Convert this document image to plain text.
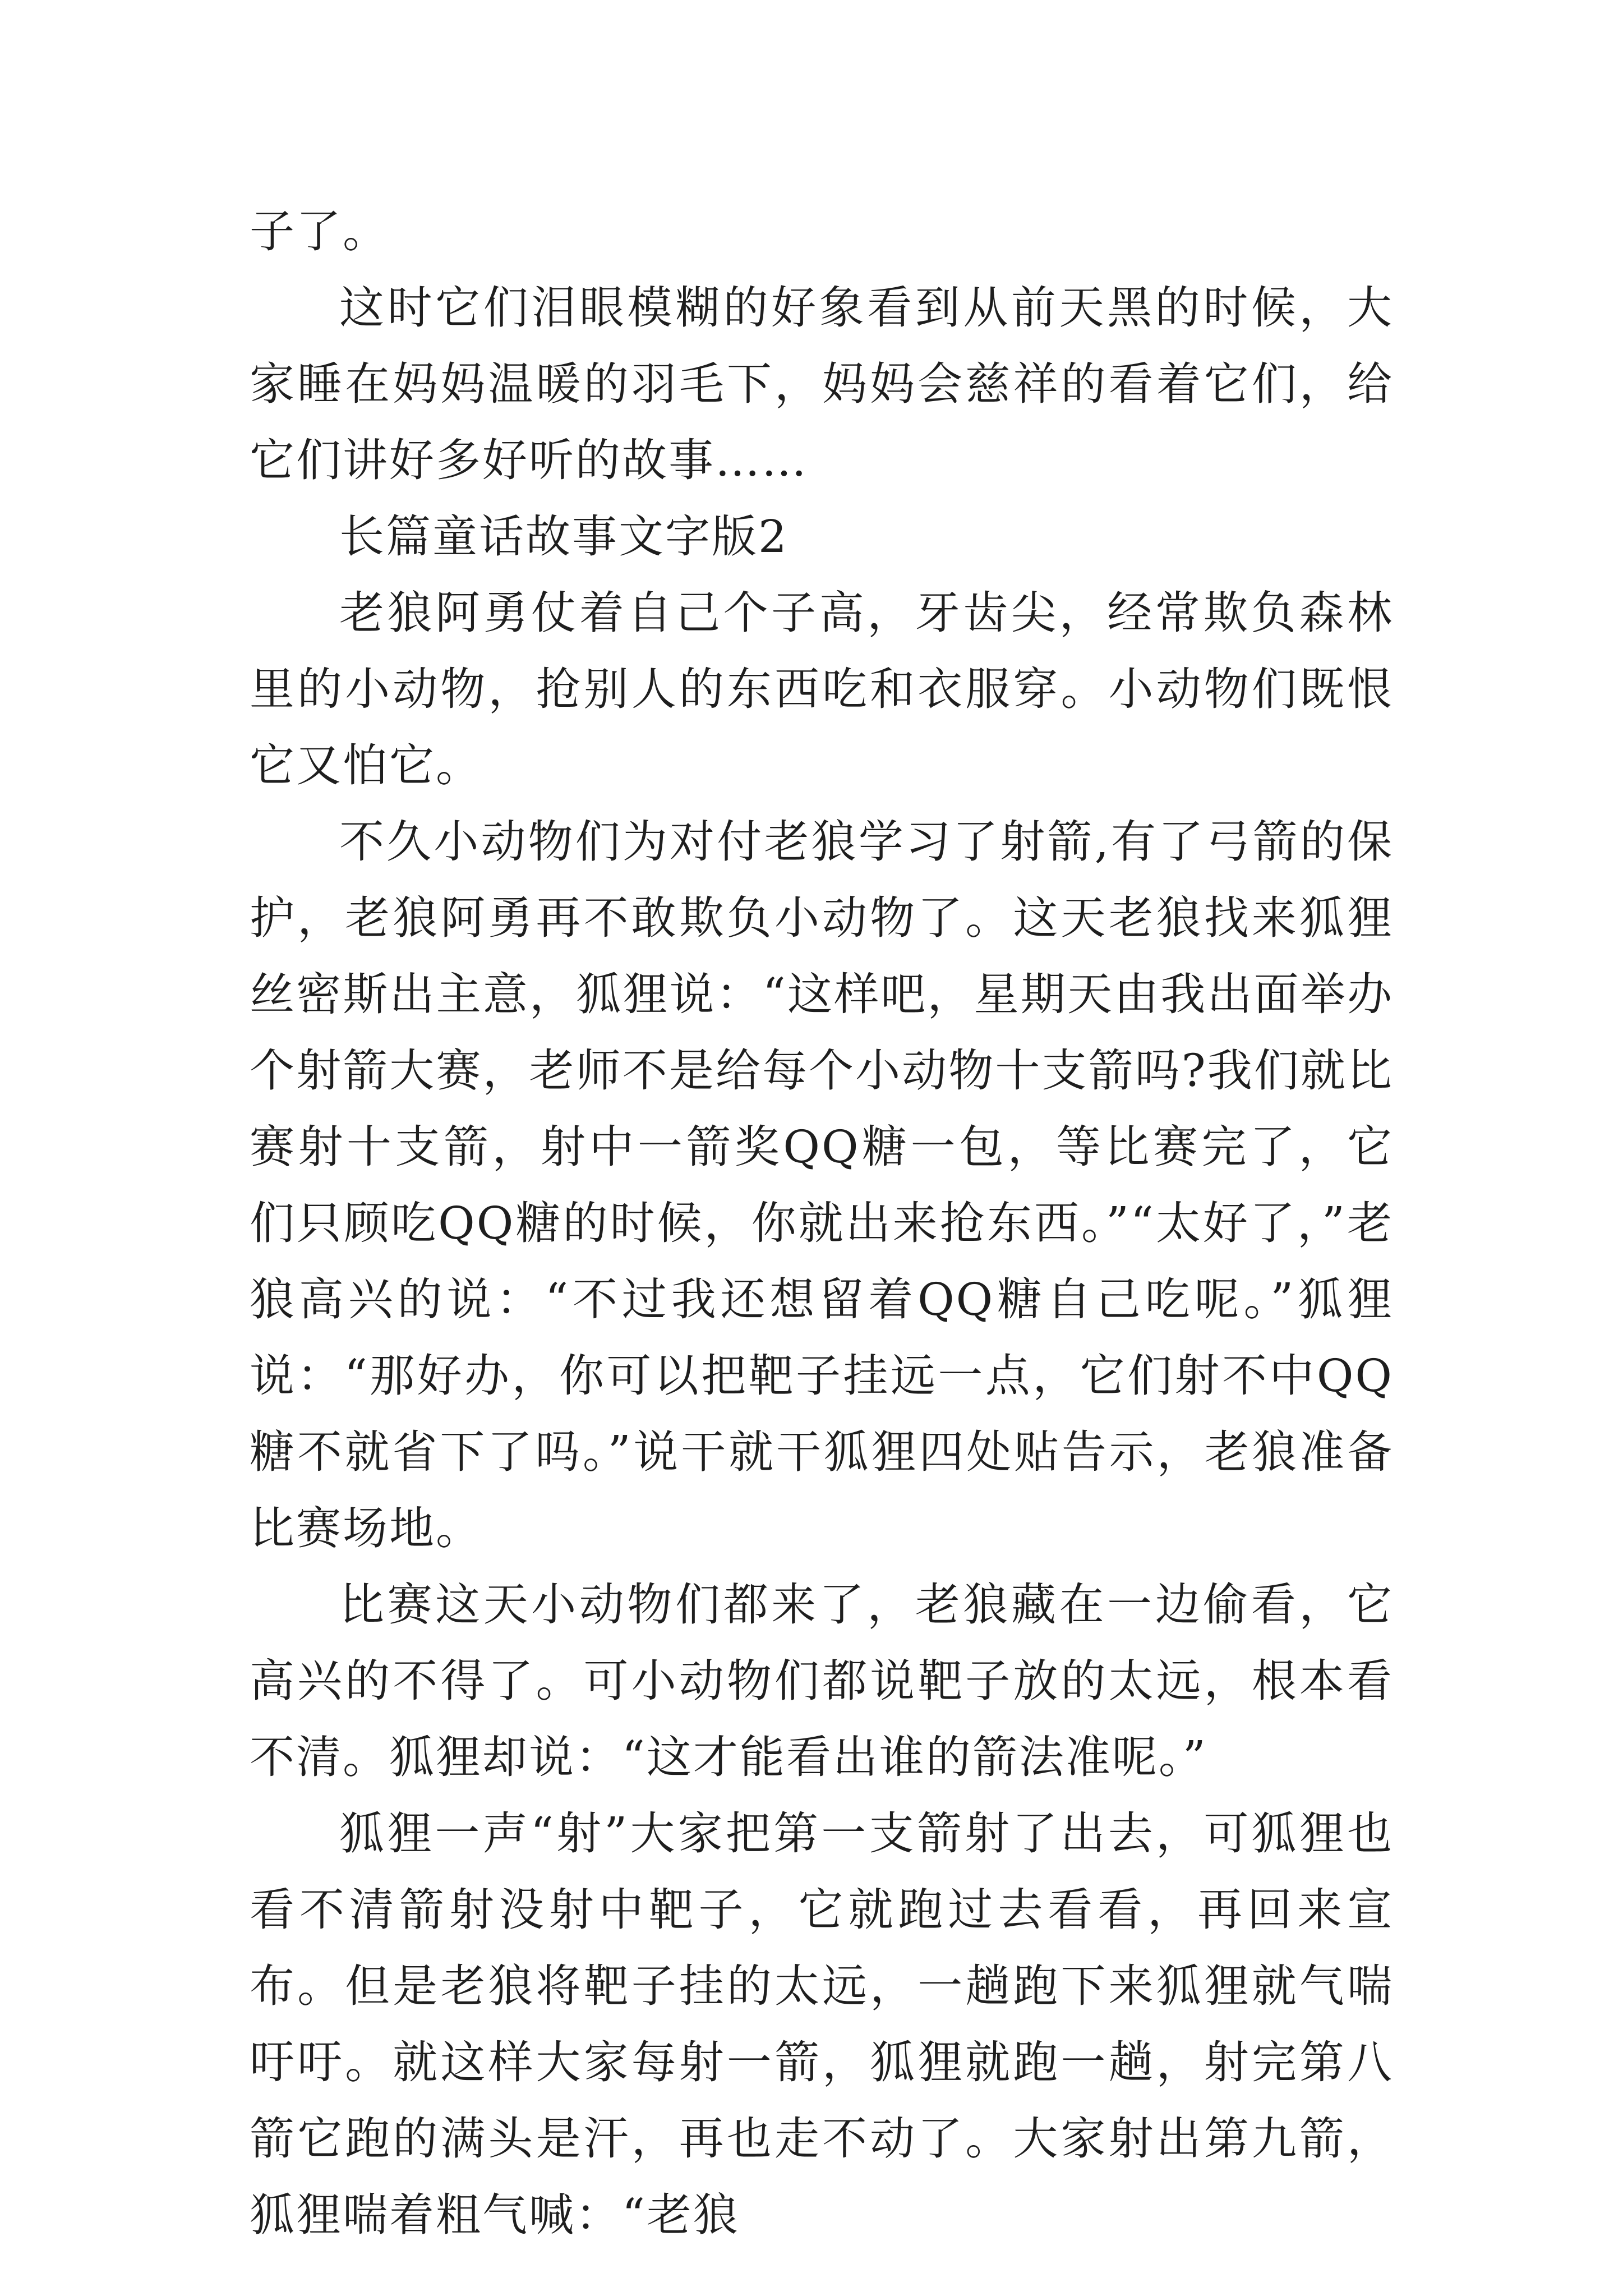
子了。

这时它们泪眼模糊的好象看到从前天黑的时候，大家睡在妈妈温暖的羽毛下，妈妈会慈祥的看着它们，给它们讲好多好听的故事……

长篇童话故事文字版2

老狼阿勇仗着自己个子高，牙齿尖，经常欺负森林里的小动物，抢别人的东西吃和衣服穿。小动物们既恨它又怕它。

不久小动物们为对付老狼学习了射箭,有了弓箭的保护，老狼阿勇再不敢欺负小动物了。这天老狼找来狐狸丝密斯出主意，狐狸说：“这样吧，星期天由我出面举办个射箭大赛，老师不是给每个小动物十支箭吗?我们就比赛射十支箭，射中一箭奖QQ糖一包，等比赛完了，它们只顾吃QQ糖的时候，你就出来抢东西。”“太好了，”老狼高兴的说：“不过我还想留着QQ糖自己吃呢。”狐狸说：“那好办，你可以把靶子挂远一点，它们射不中QQ糖不就省下了吗。”说干就干狐狸四处贴告示，老狼准备比赛场地。

比赛这天小动物们都来了，老狼藏在一边偷看，它高兴的不得了。可小动物们都说靶子放的太远，根本看不清。狐狸却说：“这才能看出谁的箭法准呢。”

狐狸一声“射”大家把第一支箭射了出去，可狐狸也看不清箭射没射中靶子，它就跑过去看看，再回来宣布。但是老狼将靶子挂的太远，一趟跑下来狐狸就气喘吁吁。就这样大家每射一箭，狐狸就跑一趟，射完第八箭它跑的满头是汗，再也走不动了。大家射出第九箭，狐狸喘着粗气喊：“老狼
